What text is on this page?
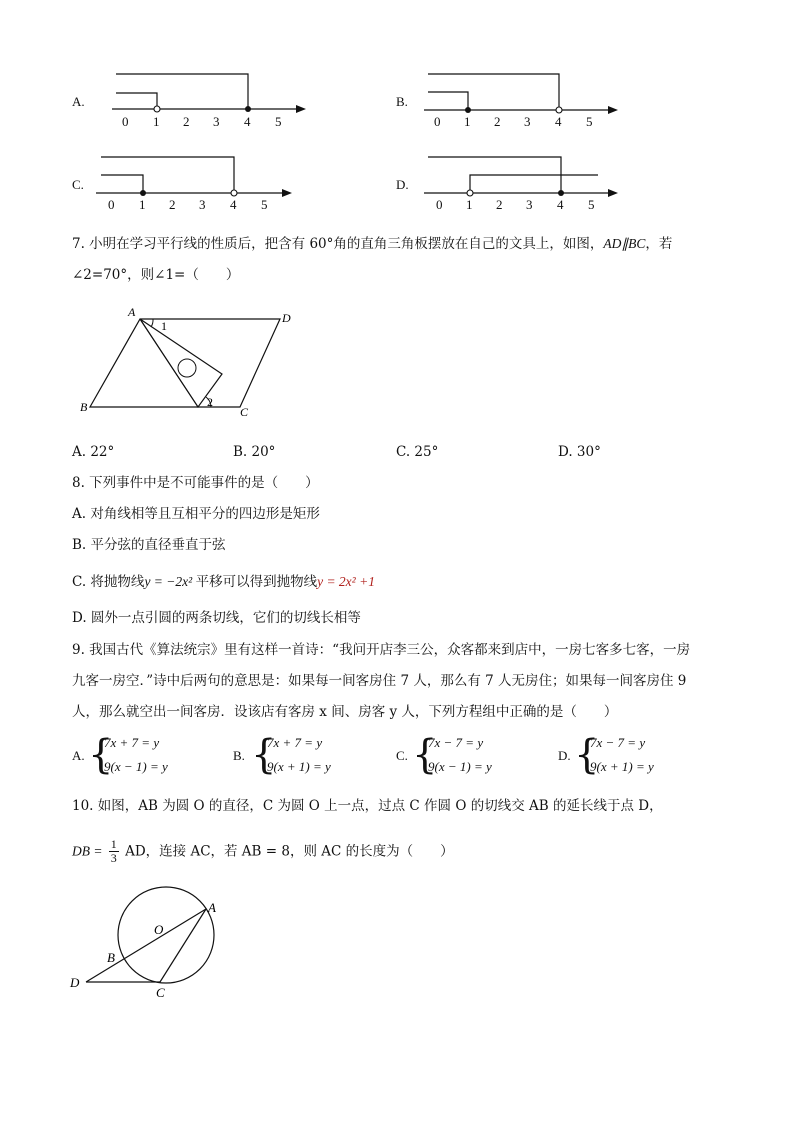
A.
0 1 2 3 4 5
B.
0 1 2 3 4 5
C.
0 1 2 3 4 5
D.
0 1 2 3 4 5
7. 小明在学习平行线的性质后，把含有 60°角的直角三角板摆放在自己的文具上，如图，AD∥BC，若
∠2=70°，则∠1=（　　）
A	D
B	C
1
2
A. 22°	B. 20°	C. 25°	D. 30°
8. 下列事件中是不可能事件的是（　　）
A. 对角线相等且互相平分的四边形是矩形
B. 平分弦的直径垂直于弦
C. 将抛物线y = −2x² 平移可以得到抛物线y = 2x² +1
D. 圆外一点引圆的两条切线，它们的切线长相等
9. 我国古代《算法统宗》里有这样一首诗：“我问开店李三公，众客都来到店中，一房七客多七客，一房
九客一房空．”诗中后两句的意思是：如果每一间客房住 7 人，那么有 7 人无房住；如果每一间客房住 9
人，那么就空出一间客房．设该店有客房 x 间、房客 y 人，下列方程组中正确的是（　　）
A. {
7x + 7 = y
9(x − 1) = y
B. {
7x + 7 = y
9(x + 1) = y
C. {
7x − 7 = y
9(x − 1) = y
D. {
7x − 7 = y
9(x + 1) = y
10. 如图，AB 为圆 O 的直径，C 为圆 O 上一点，过点 C 作圆 O 的切线交 AB 的延长线于点 D，
DB = $\frac{1}{3}$ AD，连接 AC，若 AB = 8，则 AC 的长度为（　　）
D
B
O
A
C
